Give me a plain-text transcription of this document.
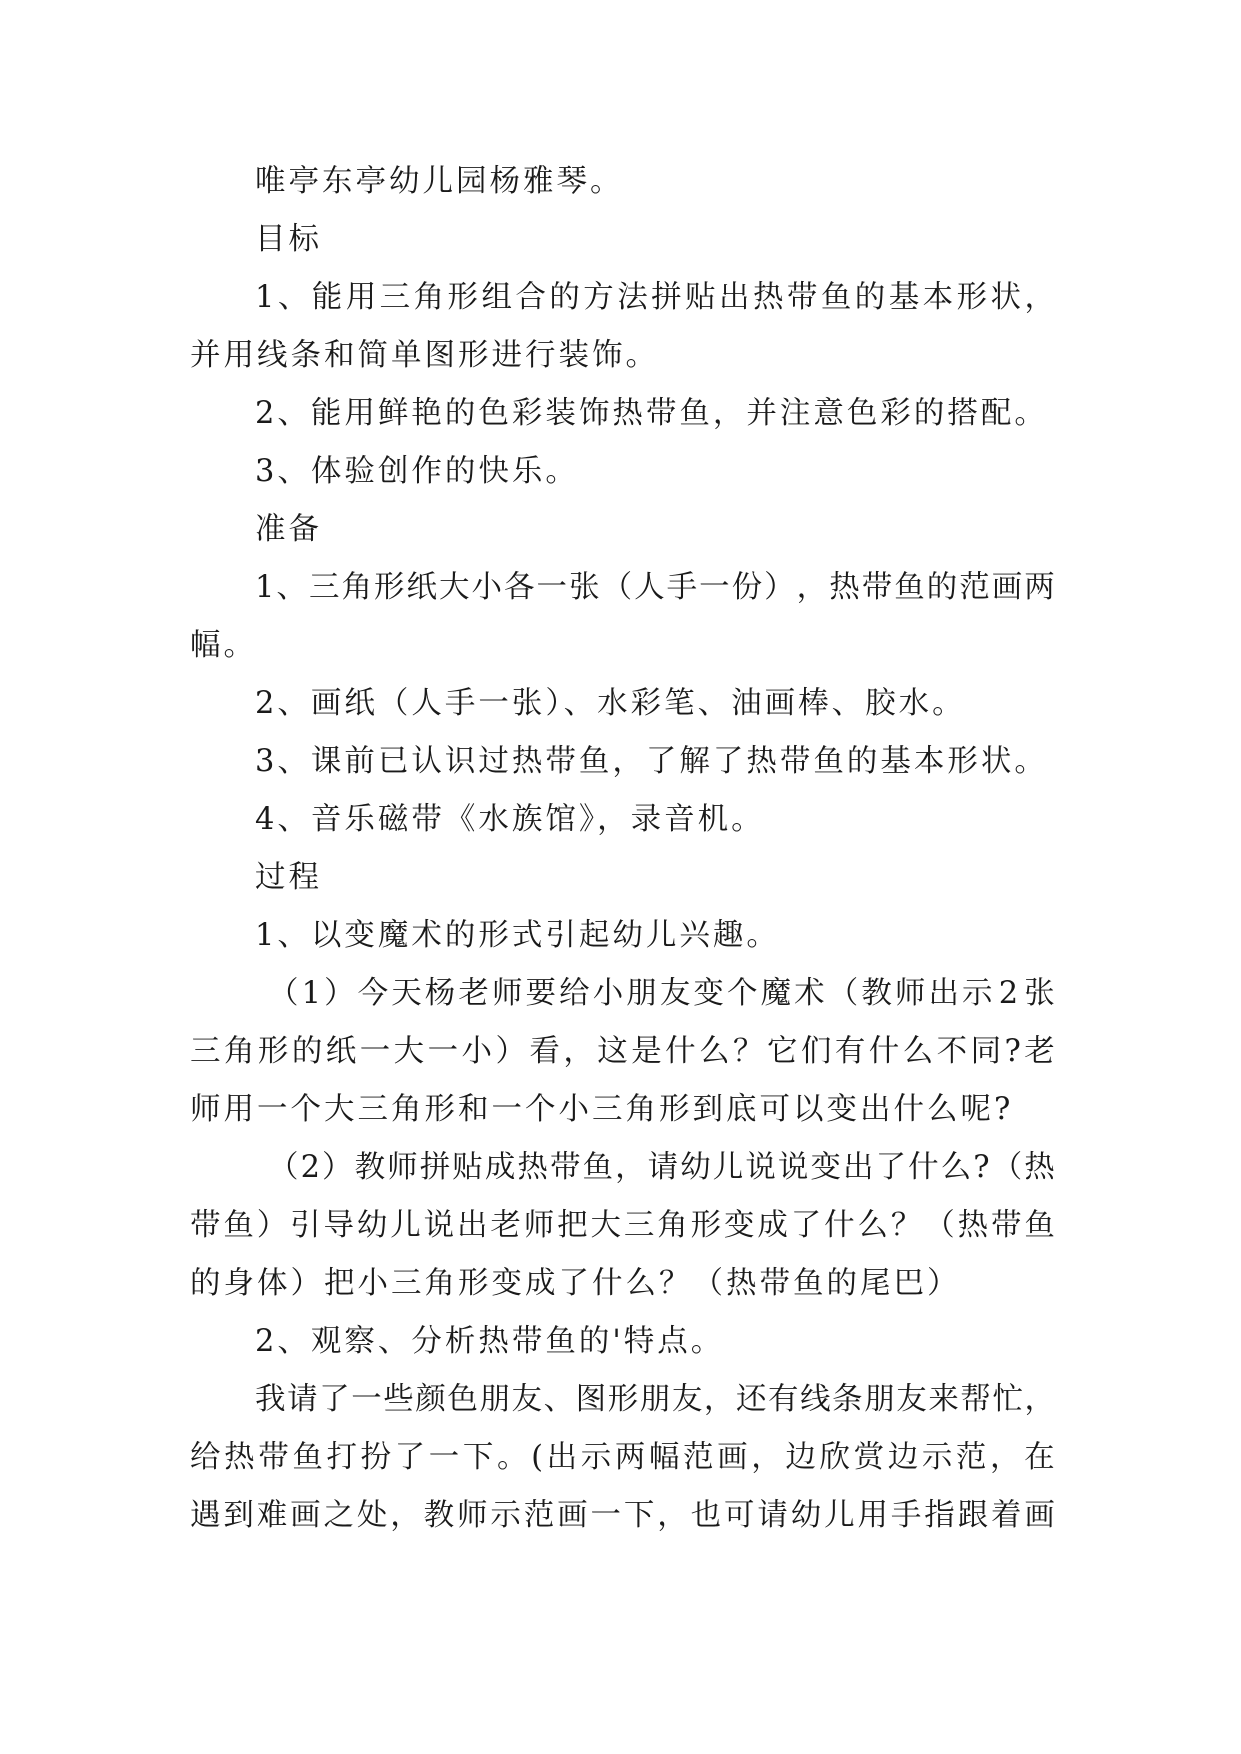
唯亭东亭幼儿园杨雅琴。
目标
1 、 能 用 三 角 形 组 合 的 方 法 拼 贴 出 热 带 鱼 的 基 本 形 状 ，
并用线条和简单图形进行装饰。
2、能用鲜艳的色彩装饰热带鱼，并注意色彩的搭配。
3、体验创作的快乐。
准备
1 、 三 角 形 纸 大 小 各 一 张 （ 人 手 一 份 ） ， 热 带 鱼 的 范 画 两
幅。
2、画纸（人手一张）、水彩笔、油画棒、胶水。
3、课前已认识过热带鱼，了解了热带鱼的基本形状。
4、音乐磁带《水族馆》，录音机。
过程
1、以变魔术的形式引起幼儿兴趣。
（ 1 ） 今 天 杨 老 师 要 给 小 朋 友 变 个 魔 术 （ 教 师 出 示 2 张
三 角 形 的 纸 一 大 一 小 ） 看 ， 这 是 什 么 ？ 它 们 有 什 么 不 同 ? 老
师用一个大三角形和一个小三角形到底可以变出什么呢?
（ 2 ） 教 师 拼 贴 成 热 带 鱼 ， 请 幼 儿 说 说 变 出 了 什 么 ? （ 热
带 鱼 ） 引 导 幼 儿 说 出 老 师 把 大 三 角 形 变 成 了 什 么 ？ （ 热 带 鱼
的身体）把小三角形变成了什么？（热带鱼的尾巴）
2、观察、分析热带鱼的'特点。
我 请 了 一 些 颜 色 朋 友 、 图 形 朋 友 ， 还 有 线 条 朋 友 来 帮 忙 ，
给 热 带 鱼 打 扮 了 一 下 。 ( 出 示 两 幅 范 画 ， 边 欣 赏 边 示 范 ， 在
遇 到 难 画 之 处 ， 教 师 示 范 画 一 下 ， 也 可 请 幼 儿 用 手 指 跟 着 画
